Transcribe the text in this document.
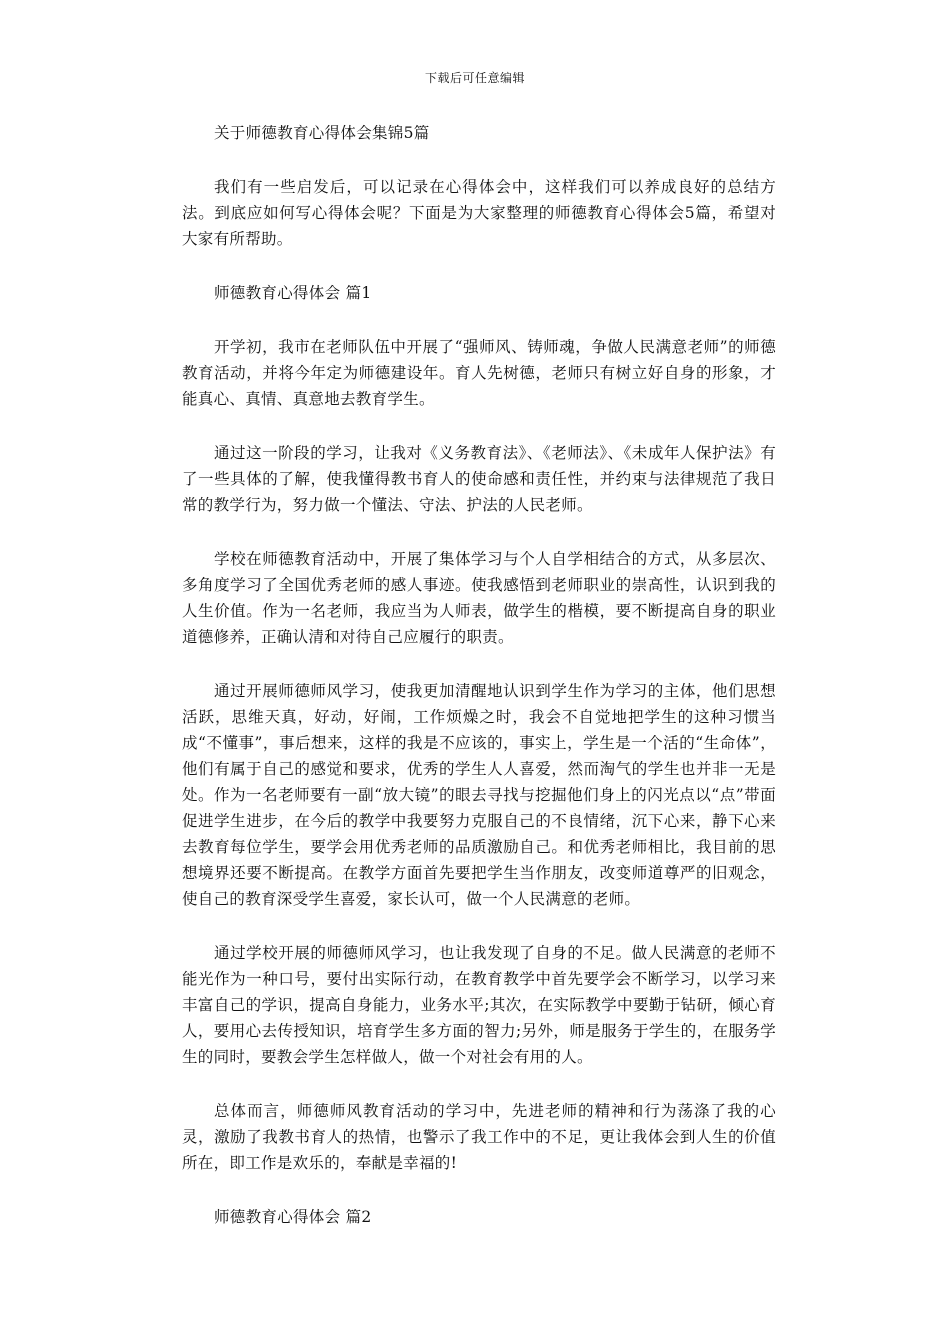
下载后可任意编辑

关于师德教育心得体会集锦5篇

我们有一些启发后，可以记录在心得体会中，这样我们可以养成良好的总结方法。到底应如何写心得体会呢？下面是为大家整理的师德教育心得体会5篇，希望对大家有所帮助。

师德教育心得体会 篇1

开学初，我市在老师队伍中开展了“强师风、铸师魂，争做人民满意老师”的师德教育活动，并将今年定为师德建设年。育人先树德，老师只有树立好自身的形象，才能真心、真情、真意地去教育学生。

通过这一阶段的学习，让我对《义务教育法》、《老师法》、《未成年人保护法》有了一些具体的了解，使我懂得教书育人的使命感和责任性，并约束与法律规范了我日常的教学行为，努力做一个懂法、守法、护法的人民老师。

学校在师德教育活动中，开展了集体学习与个人自学相结合的方式，从多层次、多角度学习了全国优秀老师的感人事迹。使我感悟到老师职业的崇高性，认识到我的人生价值。作为一名老师，我应当为人师表，做学生的楷模，要不断提高自身的职业道德修养，正确认清和对待自己应履行的职责。

通过开展师德师风学习，使我更加清醒地认识到学生作为学习的主体，他们思想活跃，思维天真，好动，好闹，工作烦燥之时，我会不自觉地把学生的这种习惯当成“不懂事”，事后想来，这样的我是不应该的，事实上，学生是一个活的“生命体”，他们有属于自己的感觉和要求，优秀的学生人人喜爱，然而淘气的学生也并非一无是处。作为一名老师要有一副“放大镜”的眼去寻找与挖掘他们身上的闪光点以“点”带面促进学生进步，在今后的教学中我要努力克服自己的不良情绪，沉下心来，静下心来去教育每位学生，要学会用优秀老师的品质激励自己。和优秀老师相比，我目前的思想境界还要不断提高。在教学方面首先要把学生当作朋友，改变师道尊严的旧观念，使自己的教育深受学生喜爱，家长认可，做一个人民满意的老师。

通过学校开展的师德师风学习，也让我发现了自身的不足。做人民满意的老师不能光作为一种口号，要付出实际行动，在教育教学中首先要学会不断学习，以学习来丰富自己的学识，提高自身能力，业务水平;其次，在实际教学中要勤于钻研，倾心育人，要用心去传授知识，培育学生多方面的智力;另外，师是服务于学生的，在服务学生的同时，要教会学生怎样做人，做一个对社会有用的人。

总体而言，师德师风教育活动的学习中，先进老师的精神和行为荡涤了我的心灵，激励了我教书育人的热情，也警示了我工作中的不足，更让我体会到人生的价值所在，即工作是欢乐的，奉献是幸福的!

师德教育心得体会 篇2
